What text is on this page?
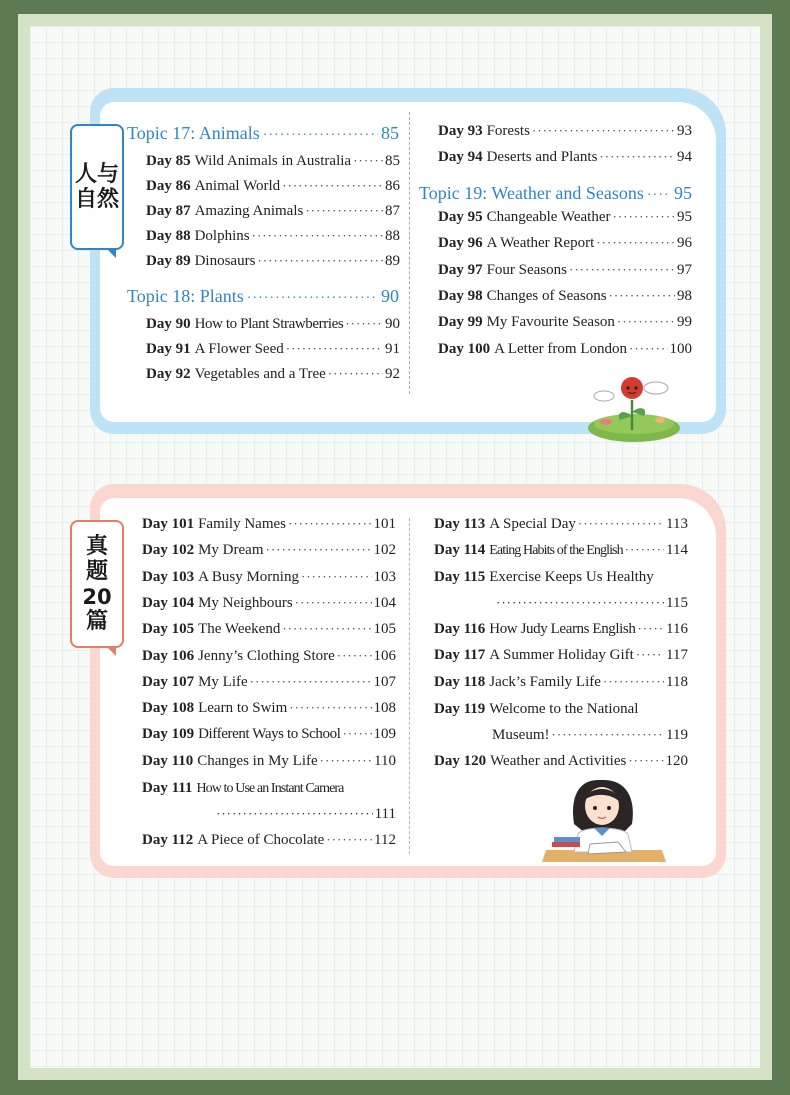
人与
自然
Topic 17: Animals ·····	85
Day 85 Wild Animals in Australia ····· 85
Day 86 Animal World ·····	86
Day 87 Amazing Animals ·····	87
Day 88 Dolphins ·····	88
Day 89 Dinosaurs ·····	89
Topic 18: Plants ·····	90
Day 90 How to Plant Strawberries ·····	90
Day 91 A Flower Seed ·····	91
Day 92 Vegetables and a Tree ·····	92
Day 93 Forests ·····	93
Day 94 Deserts and Plants ·····	94
Topic 19: Weather and Seasons ····· 95
Day 95 Changeable Weather ·····	95
Day 96 A Weather Report ·····	96
Day 97 Four Seasons ·····	97
Day 98 Changes of Seasons ·····	98
Day 99 My Favourite Season ·····	99
Day 100 A Letter from London ·····	100
真
题
20
篇
Day 101 Family Names ·····	101
Day 102 My Dream ·····	102
Day 103 A Busy Morning ·····	103
Day 104 My Neighbours ·····	104
Day 105 The Weekend ·····	105
Day 106 Jenny’s Clothing Store ·····	106
Day 107 My Life ·····	107
Day 108 Learn to Swim ·····	108
Day 109 Different Ways to School ····· 109
Day 110 Changes in My Life ·····	110
Day 111 How to Use an Instant Camera
·····
111
Day 112 A Piece of Chocolate ·····	112
Day 113 A Special Day ·····	113
Day 114 Eating Habits of the English ·····	114
Day 115 Exercise Keeps Us Healthy
·····
115
Day 116 How Judy Learns English ····· 116
Day 117 A Summer Holiday Gift ····· 117
Day 118 Jack’s Family Life ·····	118
Day 119 Welcome to the National
Museum! ·····	119
Day 120 Weather and Activities ·····	120
